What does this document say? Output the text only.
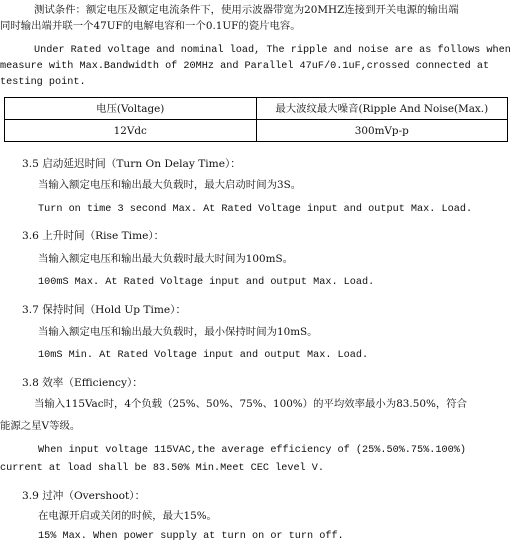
测试条件：额定电压及额定电流条件下，使用示波器带宽为20MHZ连接到开关电源的输出端
同时输出端并联一个47UF的电解电容和一个0.1UF的瓷片电容。
Under Rated voltage and nominal load, The ripple and noise are as follows when
measure with Max.Bandwidth of 20MHz and Parallel 47uF/0.1uF,crossed connected at
testing point.
电压(Voltage)	最大波纹最大噪音(Ripple And Noise(Max.)
12Vdc	300mVp-p
3.5 启动延迟时间（Turn On Delay Time）：
当输入额定电压和输出最大负载时，最大启动时间为3S。
Turn on time 3 second Max. At Rated Voltage input and output Max. Load.
3.6 上升时间（Rise Time）：
当输入额定电压和输出最大负载时最大时间为100mS。
100mS Max. At Rated Voltage input and output Max. Load.
3.7 保持时间（Hold Up Time）：
当输入额定电压和输出最大负载时，最小保持时间为10mS。
10mS Min. At Rated Voltage input and output Max. Load.
3.8 效率（Efficiency）：
当输入115Vac时，4个负载（25%、50%、75%、100%）的平均效率最小为83.50%，符合
能源之星V等级。
When input voltage 115VAC,the average efficiency of (25%.50%.75%.100%)
current at load shall be 83.50% Min.Meet CEC level V.
3.9 过冲（Overshoot）：
在电源开启或关闭的时候，最大15%。
15% Max. When power supply at turn on or turn off.
